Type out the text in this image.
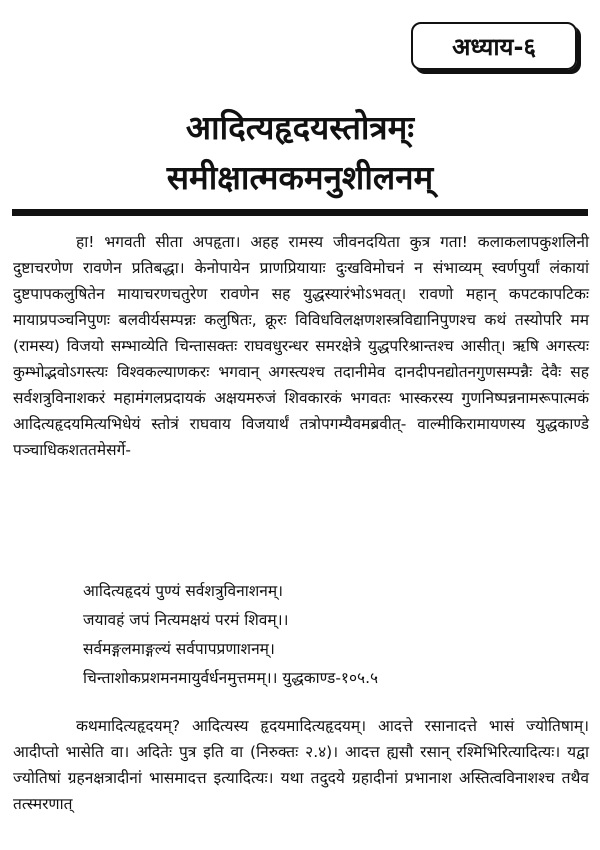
अध्याय-६
आदित्यहृदयस्तोत्रम्ः
समीक्षात्मकमनुशीलनम्

हा! भगवती सीता अपहृता। अहह रामस्य जीवनदयिता कुत्र गता! कलाकलापकुशलिनी दुष्टाचरणेण रावणेन प्रतिबद्धा। केनोपायेन प्राणप्रियायाः दुःखविमोचनं न संभाव्यम् स्वर्णपुर्यां लंकायां दुष्टपापकलुषितेन मायाचरणचतुरेण रावणेन सह युद्धस्यारंभोऽभवत्। रावणो महान् कपटकापटिकः मायाप्रपञ्चनिपुणः बलवीर्यसम्पन्नः कलुषितः, क्रूरः विविधविलक्षणशस्त्रविद्यानिपुणश्च कथं तस्योपरि मम (रामस्य) विजयो सम्भाव्येति चिन्तासक्तः राघवधुरन्धर समरक्षेत्रे युद्धपरिश्रान्तश्च आसीत्। ऋषि अगस्त्यः कुम्भोद्भवोऽगस्त्यः विश्वकल्याणकरः भगवान् अगस्त्यश्च तदानीमेव दानदीपनद्योतनगुणसम्पन्नैः देवैः सह सर्वशत्रुविनाशकरं महामंगलप्रदायकं अक्षयमरुजं शिवकारकं भगवतः भास्करस्य गुणनिष्पन्ननामरूपात्मकं आदित्यहृदयमित्यभिधेयं स्तोत्रं राघवाय विजयार्थं तत्रोपगम्यैवमब्रवीत्- वाल्मीकिरामायणस्य युद्धकाण्डे पञ्चाधिकशततमेसर्गे-

आदित्यहृदयं पुण्यं सर्वशत्रुविनाशनम्।
जयावहं जपं नित्यमक्षयं परमं शिवम्।।
सर्वमङ्गलमाङ्गल्यं सर्वपापप्रणाशनम्।
चिन्ताशोकप्रशमनमायुर्वर्धनमुत्तमम्।। युद्धकाण्ड-१०५.५

कथमादित्यहृदयम्? आदित्यस्य हृदयमादित्यहृदयम्। आदत्ते रसानादत्ते भासं ज्योतिषाम्। आदीप्तो भासेति वा। अदितेः पुत्र इति वा (निरुक्तः २.४)। आदत्त ह्यसौ रसान् रश्मिभिरित्यादित्यः। यद्वा ज्योतिषां ग्रहनक्षत्रादीनां भासमादत्त इत्यादित्यः। यथा तदुदये ग्रहादीनां प्रभानाश अस्तित्वविनाशश्च तथैव तत्स्मरणात्
